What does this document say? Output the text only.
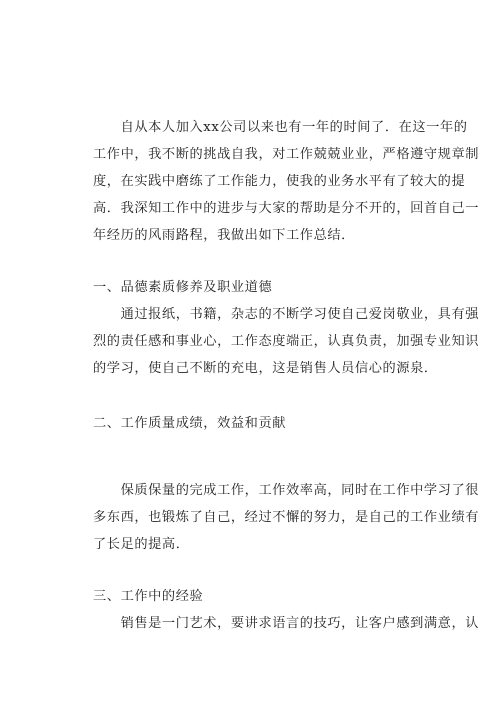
　　自从本人加入xx公司以来也有一年的时间了．在这一年的

工作中，我不断的挑战自我，对工作兢兢业业，严格遵守规章制

度，在实践中磨练了工作能力，使我的业务水平有了较大的提

高．我深知工作中的进步与大家的帮助是分不开的，回首自己一

年经历的风雨路程，我做出如下工作总结．

一、品德素质修养及职业道德

　　通过报纸，书籍，杂志的不断学习使自己爱岗敬业，具有强

烈的责任感和事业心，工作态度端正，认真负责，加强专业知识

的学习，使自己不断的充电，这是销售人员信心的源泉．

二、工作质量成绩，效益和贡献

　　保质保量的完成工作，工作效率高，同时在工作中学习了很

多东西，也锻炼了自己，经过不懈的努力，是自己的工作业绩有

了长足的提高．

三、工作中的经验

　　销售是一门艺术，要讲求语言的技巧，让客户感到满意，认
